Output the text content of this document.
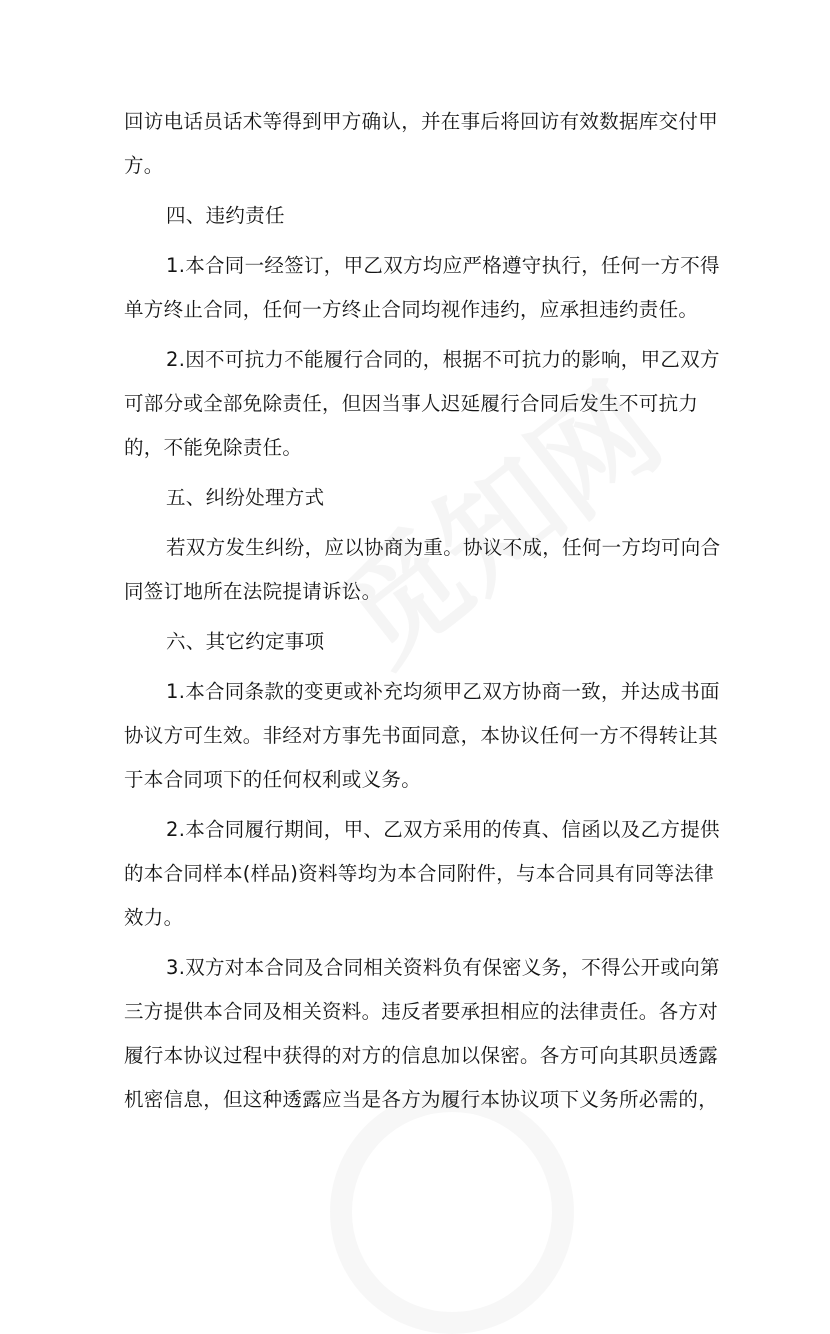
回访电话员话术等得到甲方确认，并在事后将回访有效数据库交付甲方。

四、违约责任

1.本合同一经签订，甲乙双方均应严格遵守执行，任何一方不得单方终止合同，任何一方终止合同均视作违约，应承担违约责任。

2.因不可抗力不能履行合同的，根据不可抗力的影响，甲乙双方可部分或全部免除责任，但因当事人迟延履行合同后发生不可抗力的，不能免除责任。

五、纠纷处理方式

若双方发生纠纷，应以协商为重。协议不成，任何一方均可向合同签订地所在法院提请诉讼。

六、其它约定事项

1.本合同条款的变更或补充均须甲乙双方协商一致，并达成书面协议方可生效。非经对方事先书面同意，本协议任何一方不得转让其于本合同项下的任何权利或义务。

2.本合同履行期间，甲、乙双方采用的传真、信函以及乙方提供的本合同样本(样品)资料等均为本合同附件，与本合同具有同等法律效力。

3.双方对本合同及合同相关资料负有保密义务，不得公开或向第三方提供本合同及相关资料。违反者要承担相应的法律责任。各方对履行本协议过程中获得的对方的信息加以保密。各方可向其职员透露机密信息，但这种透露应当是各方为履行本协议项下义务所必需的，
